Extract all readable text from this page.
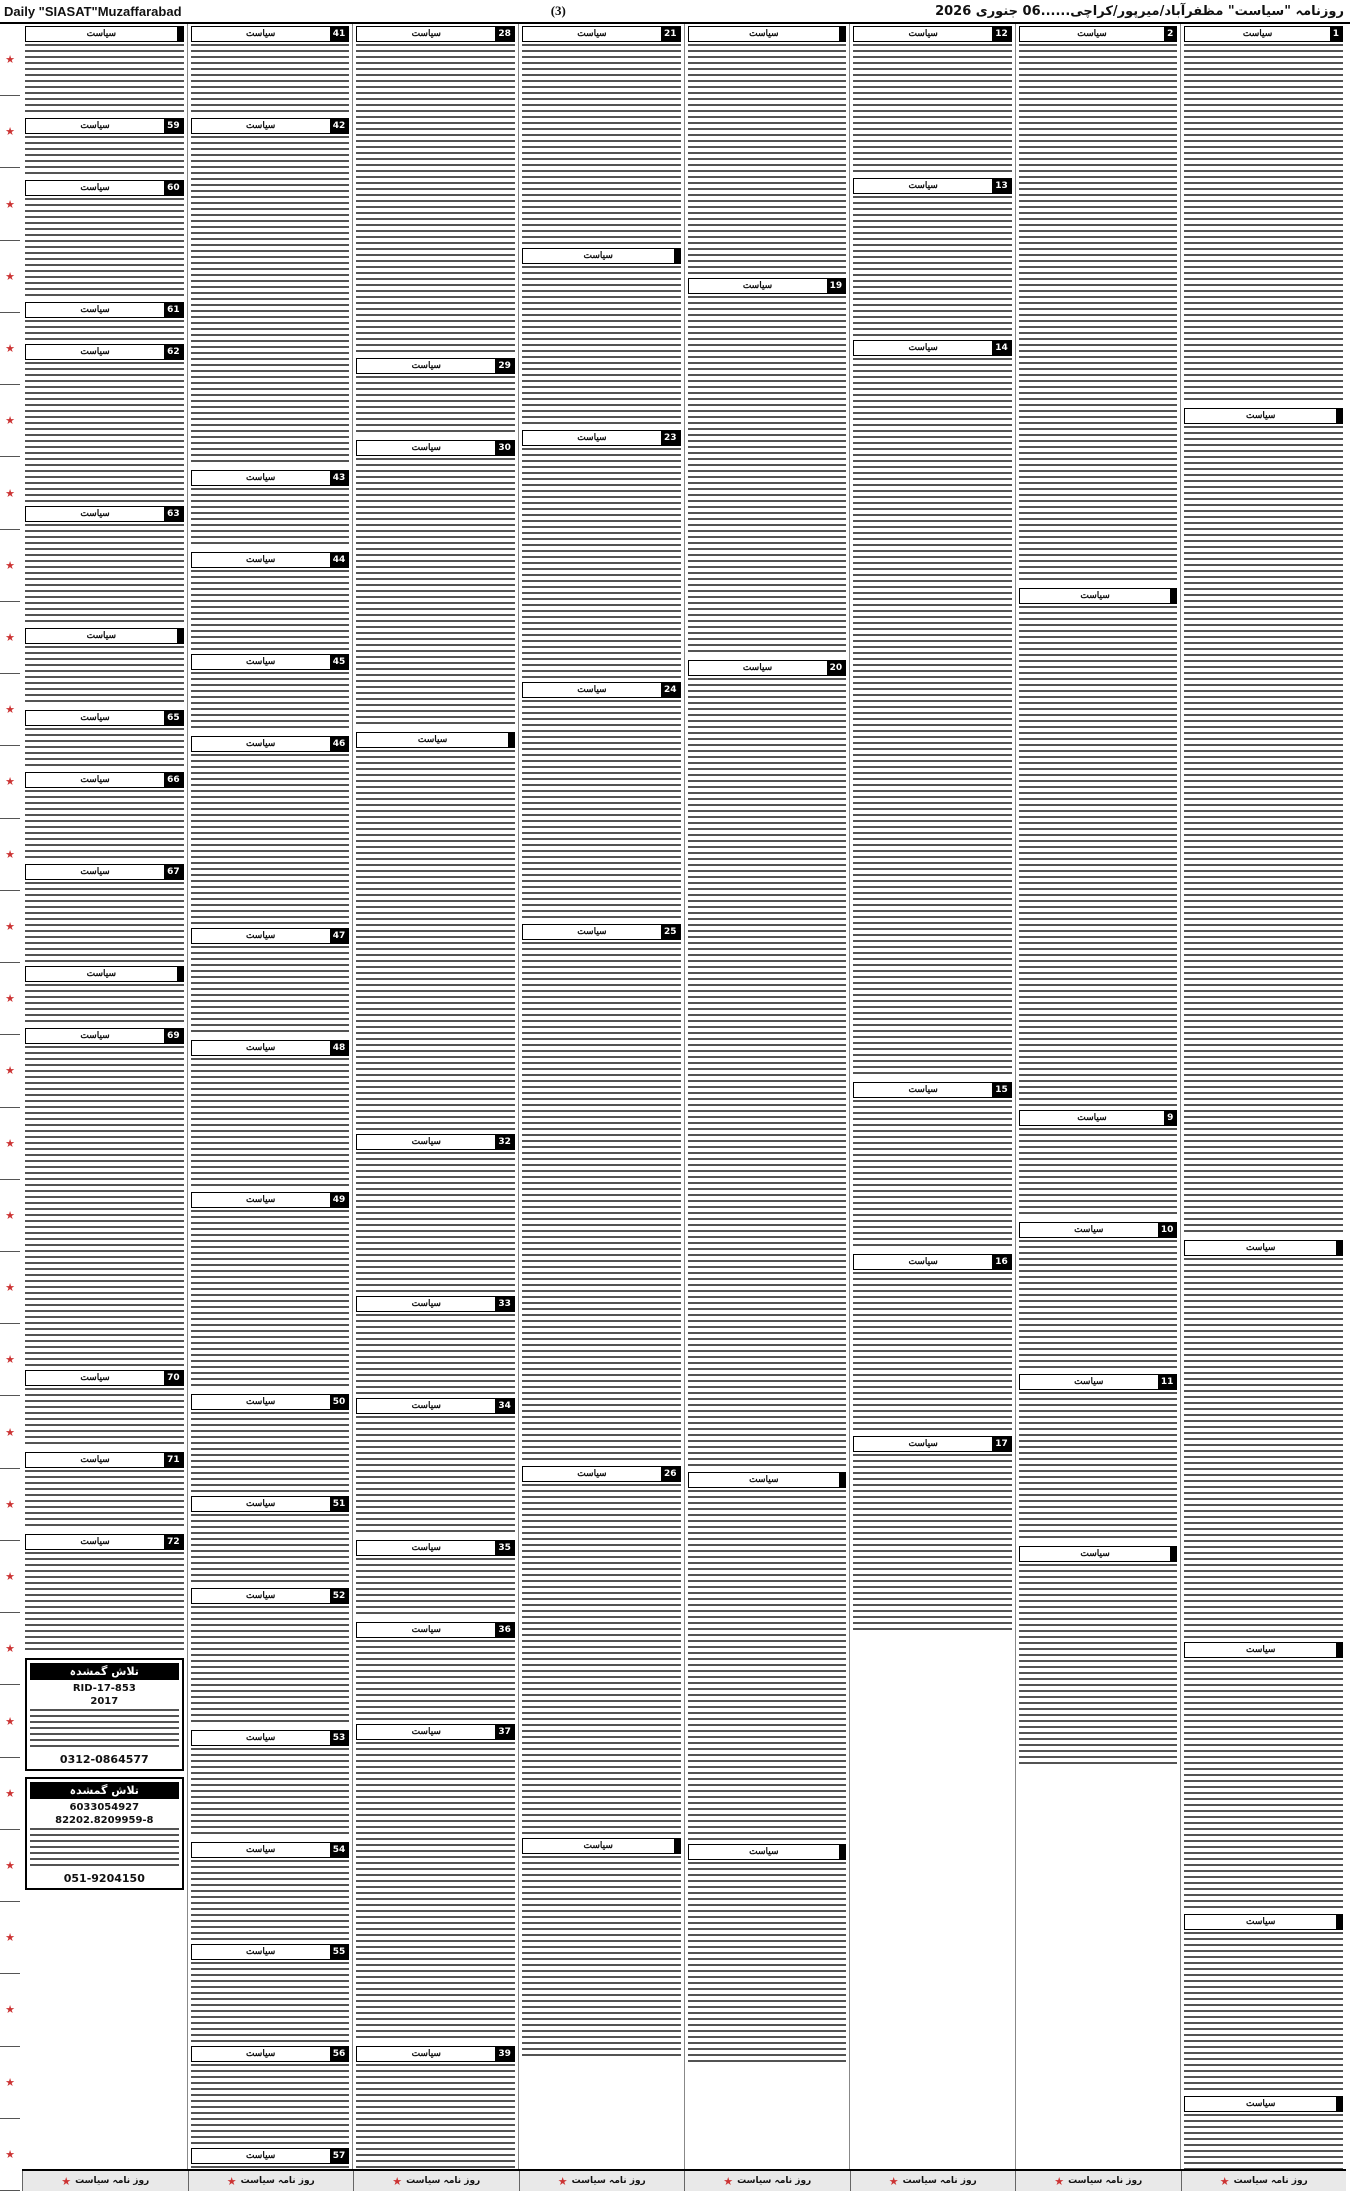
Daily "SIASAT"Muzaffarabad	(3)	روزنامہ "سیاست" مظفرآباد/میرپور/کراچی......06 جنوری 2026
★
★
★
★
★
★
★
★
★
★
★
★
★
★
★
★
★
★
★
★
★
★
★
★
★
★
★
★
★
★
سیاست	1
سیاست
سیاست
سیاست
سیاست
سیاست
سیاست	2
سیاست
سیاست	9
سیاست	10
سیاست	11
سیاست
سیاست	12
سیاست	13
سیاست	14
سیاست	15
سیاست	16
سیاست	17
سیاست
سیاست	19
سیاست	20
سیاست
سیاست
سیاست	21
سیاست
سیاست	23
سیاست	24
سیاست	25
سیاست	26
سیاست
سیاست	28
سیاست	29
سیاست	30
سیاست
سیاست	32
سیاست	33
سیاست	34
سیاست	35
سیاست	36
سیاست	37
سیاست	39
سیاست	41
سیاست	42
سیاست	43
سیاست	44
سیاست	45
سیاست	46
سیاست	47
سیاست	48
سیاست	49
سیاست	50
سیاست	51
سیاست	52
سیاست	53
سیاست	54
سیاست	55
سیاست	56
سیاست	57
سیاست
سیاست	59
سیاست	60
سیاست	61
سیاست	62
سیاست	63
سیاست
سیاست	65
سیاست	66
سیاست	67
سیاست
سیاست	69
سیاست	70
سیاست	71
سیاست	72
تلاش گمشدہ
RID-17-853
2017
0312-0864577
تلاش گمشدہ
6033054927
82202.8209959-8
051-9204150
★ روز نامہ سیاست
★ روز نامہ سیاست
★ روز نامہ سیاست
★ روز نامہ سیاست
★ روز نامہ سیاست
★ روز نامہ سیاست
★ روز نامہ سیاست
★ روز نامہ سیاست
